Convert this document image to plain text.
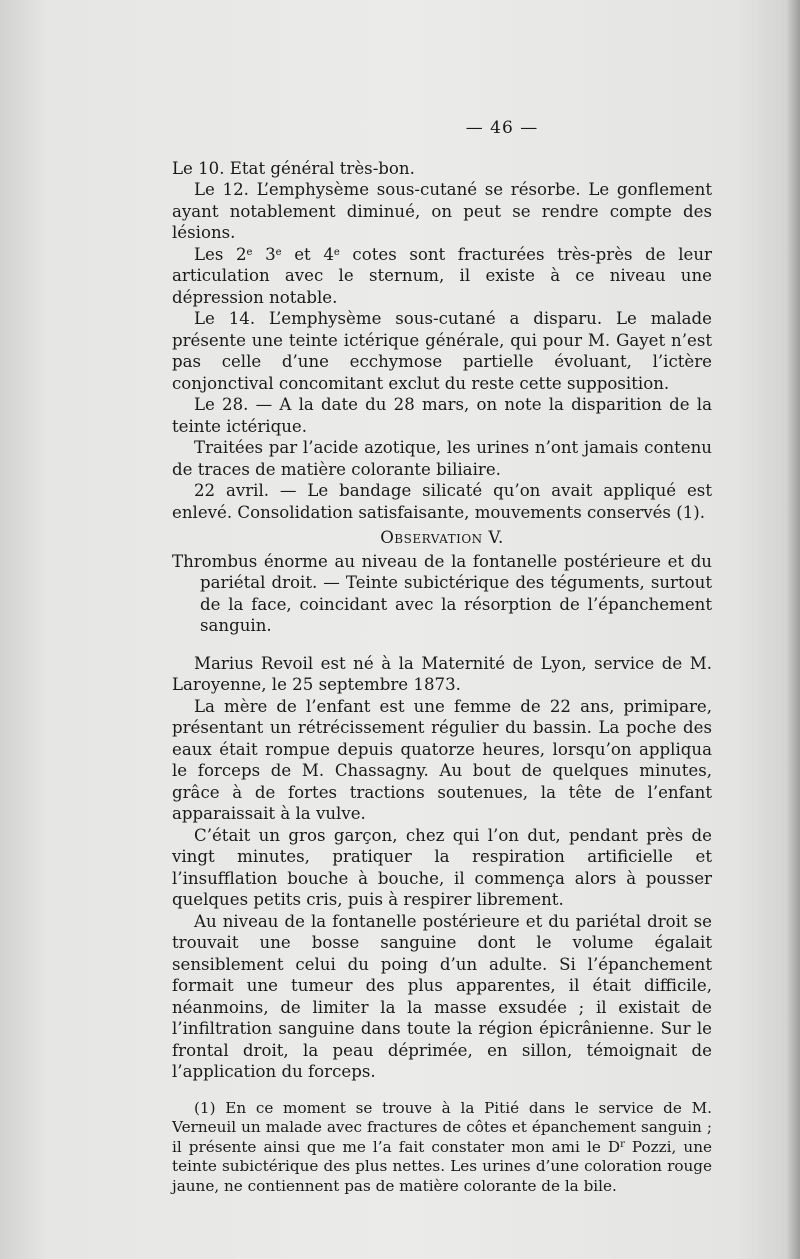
— 46 —

Le 10. Etat général très-bon.

Le 12. L’emphysème sous-cutané se résorbe. Le gonflement ayant notablement diminué, on peut se rendre compte des lésions.

Les 2e 3e et 4e cotes sont fracturées très-près de leur articulation avec le sternum, il existe à ce niveau une dépression notable.

Le 14. L’emphysème sous-cutané a disparu. Le malade présente une teinte ictérique générale, qui pour M. Gayet n’est pas celle d’une ecchymose partielle évoluant, l’ictère conjonctival concomitant exclut du reste cette supposition.

Le 28. — A la date du 28 mars, on note la disparition de la teinte ictérique.

Traitées par l’acide azotique, les urines n’ont jamais contenu de traces de matière colorante biliaire.

22 avril. — Le bandage silicaté qu’on avait appliqué est enlevé. Consolidation satisfaisante, mouvements conservés (1).

Observation V.

Thrombus énorme au niveau de la fontanelle postérieure et du pariétal droit. — Teinte subictérique des téguments, surtout de la face, coincidant avec la résorption de l’épanchement sanguin.

Marius Revoil est né à la Maternité de Lyon, service de M. Laroyenne, le 25 septembre 1873.

La mère de l’enfant est une femme de 22 ans, primipare, présentant un rétrécissement régulier du bassin. La poche des eaux était rompue depuis quatorze heures, lorsqu’on appliqua le forceps de M. Chassagny. Au bout de quelques minutes, grâce à de fortes tractions soutenues, la tête de l’enfant apparaissait à la vulve.

C’était un gros garçon, chez qui l’on dut, pendant près de vingt minutes, pratiquer la respiration artificielle et l’insufflation bouche à bouche, il commença alors à pousser quelques petits cris, puis à respirer librement.

Au niveau de la fontanelle postérieure et du pariétal droit se trouvait une bosse sanguine dont le volume égalait sensiblement celui du poing d’un adulte. Si l’épanchement formait une tumeur des plus apparentes, il était difficile, néanmoins, de limiter la la masse exsudée ; il existait de l’infiltration sanguine dans toute la région épicrânienne. Sur le frontal droit, la peau déprimée, en sillon, témoignait de l’application du forceps.

(1) En ce moment se trouve à la Pitié dans le service de M. Verneuil un malade avec fractures de côtes et épanchement sanguin ; il présente ainsi que me l’a fait constater mon ami le $D^r$ Pozzi, une teinte subictérique des plus nettes. Les urines d’une coloration rouge jaune, ne contiennent pas de matière colorante de la bile.
